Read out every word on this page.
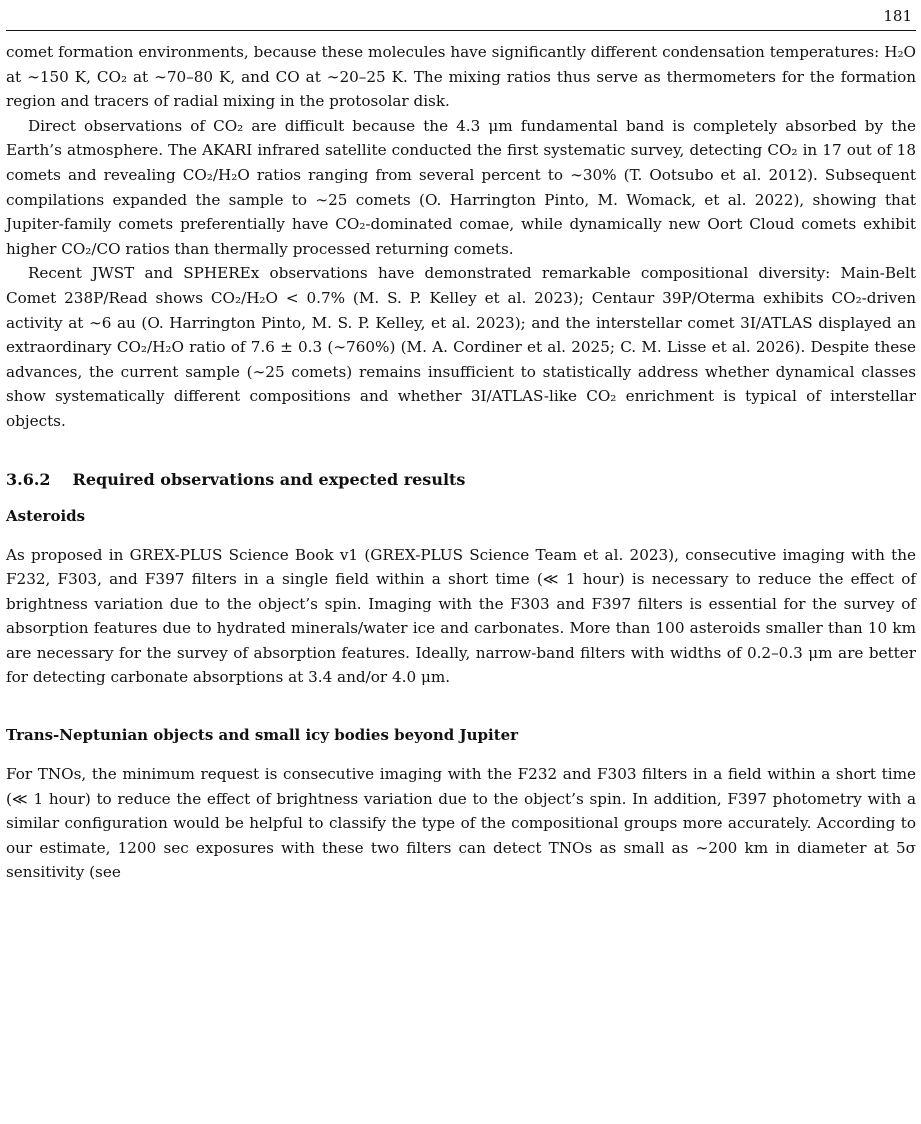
181

comet formation environments, because these molecules have significantly different condensation temperatures: H₂O at ∼150 K, CO₂ at ∼70–80 K, and CO at ∼20–25 K. The mixing ratios thus serve as thermometers for the formation region and tracers of radial mixing in the protosolar disk.

Direct observations of CO₂ are difficult because the 4.3 μm fundamental band is completely absorbed by the Earth’s atmosphere. The AKARI infrared satellite conducted the first systematic survey, detecting CO₂ in 17 out of 18 comets and revealing CO₂/H₂O ratios ranging from several percent to ∼30% (T. Ootsubo et al. 2012). Subsequent compilations expanded the sample to ∼25 comets (O. Harrington Pinto, M. Womack, et al. 2022), showing that Jupiter-family comets preferentially have CO₂-dominated comae, while dynamically new Oort Cloud comets exhibit higher CO₂/CO ratios than thermally processed returning comets.

Recent JWST and SPHEREx observations have demonstrated remarkable compositional diversity: Main-Belt Comet 238P/Read shows CO₂/H₂O < 0.7% (M. S. P. Kelley et al. 2023); Centaur 39P/Oterma exhibits CO₂-driven activity at ∼6 au (O. Harrington Pinto, M. S. P. Kelley, et al. 2023); and the interstellar comet 3I/ATLAS displayed an extraordinary CO₂/H₂O ratio of 7.6 ± 0.3 (∼760%) (M. A. Cordiner et al. 2025; C. M. Lisse et al. 2026). Despite these advances, the current sample (∼25 comets) remains insufficient to statistically address whether dynamical classes show systematically different compositions and whether 3I/ATLAS-like CO₂ enrichment is typical of interstellar objects.

3.6.2 Required observations and expected results
Asteroids

As proposed in GREX-PLUS Science Book v1 (GREX-PLUS Science Team et al. 2023), consecutive imaging with the F232, F303, and F397 filters in a single field within a short time (≪ 1 hour) is necessary to reduce the effect of brightness variation due to the object’s spin. Imaging with the F303 and F397 filters is essential for the survey of absorption features due to hydrated minerals/water ice and carbonates. More than 100 asteroids smaller than 10 km are necessary for the survey of absorption features. Ideally, narrow-band filters with widths of 0.2–0.3 μm are better for detecting carbonate absorptions at 3.4 and/or 4.0 μm.

Trans-Neptunian objects and small icy bodies beyond Jupiter

For TNOs, the minimum request is consecutive imaging with the F232 and F303 filters in a field within a short time (≪ 1 hour) to reduce the effect of brightness variation due to the object’s spin. In addition, F397 photometry with a similar configuration would be helpful to classify the type of the compositional groups more accurately. According to our estimate, 1200 sec exposures with these two filters can detect TNOs as small as ∼200 km in diameter at 5σ sensitivity (see
